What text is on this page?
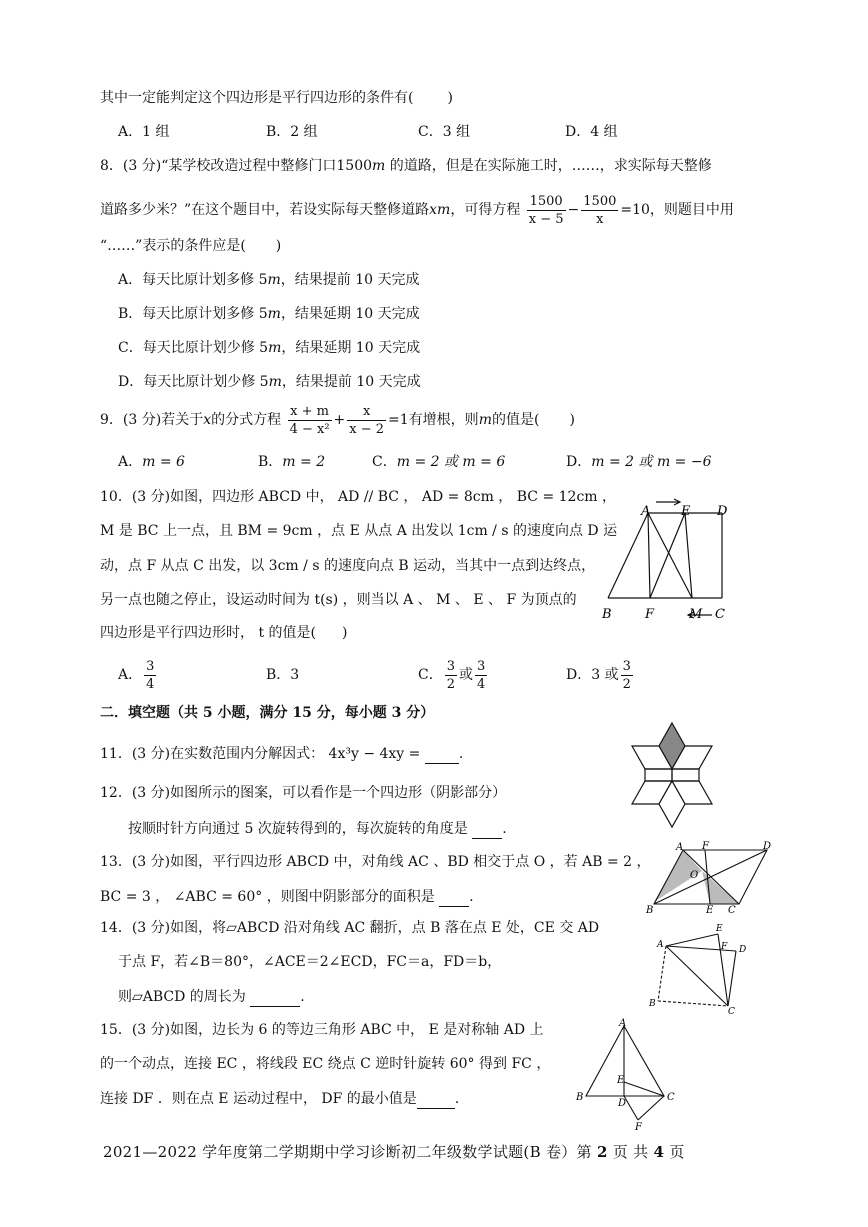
其中一定能判定这个四边形是平行四边形的条件有( )
A．1 组	B．2 组	C．3 组	D．4 组
8．(3 分)“某学校改造过程中整修门口1500m 的道路，但是在实际施工时，……，求实际每天整修
道路多少米？”在这个题目中，若设实际每天整修道路xm，可得方程 $\frac{1500}{x - 5} - \frac{1500}{x} =10$，则题目中用
“……”表示的条件应是( )
A．每天比原计划多修 5m，结果提前 10 天完成
B．每天比原计划多修 5m，结果延期 10 天完成
C．每天比原计划少修 5m，结果延期 10 天完成
D．每天比原计划少修 5m，结果提前 10 天完成
9．(3 分)若关于x的分式方程 $\frac{x + m}{\text{4 − x²}} + \frac{x}{x - 2} =1$有增根，则m的值是( )
A．m = 6	B．m = 2	C．m = 2 或 m = 6	D．m = 2 或 m = −6
10．(3 分)如图，四边形 ABCD 中， AD // BC ， AD = 8cm ， BC = 12cm ，
M 是 BC 上一点，且 BM = 9cm ，点 E 从点 A 出发以 1cm / s 的速度向点 D 运
动，点 F 从点 C 出发，以 3cm / s 的速度向点 B 运动，当其中一点到达终点，
另一点也随之停止，设运动时间为 t(s) ，则当以 A 、 M 、 E 、 F 为顶点的
四边形是平行四边形时， t 的值是( )
A E D
B	F	M C
A． $\frac{3}{4}$	B．3	C． $\frac{3}{2}$ 或 $\frac{3}{4}$	D．3 或 $\frac{3}{2}$
二．填空题（共 5 小题，满分 15 分，每小题 3 分）
11．(3 分)在实数范围内分解因式： 4x³y − 4xy =  .
12．(3 分)如图所示的图案，可以看作是一个四边形（阴影部分）
按顺时针方向通过 5 次旋转得到的，每次旋转的角度是 .
13．(3 分)如图，平行四边形 ABCD 中，对角线 AC 、BD 相交于点 O ，若 AB = 2 ，
BC = 3 ， ∠ABC = 60° ，则图中阴影部分的面积是 .
A F	D
O
B	E C
14．(3 分)如图，将▱ABCD 沿对角线 AC 翻折，点 B 落在点 E 处，CE 交 AD
于点 F，若∠B＝80°，∠ACE＝2∠ECD，FC＝a，FD＝b，
则▱ABCD 的周长为	.
A
E
F D
B
C
15．(3 分)如图，边长为 6 的等边三角形 ABC 中， E 是对称轴 AD 上
的一个动点，连接 EC ，将线段 EC 绕点 C 逆时针旋转 60° 得到 FC ，
连接 DF ．则在点 E 运动过程中， DF 的最小值是	.
A
E
B
D
C
F
2021—2022 学年度第二学期期中学习诊断初二年级数学试题(B 卷）第 2 页 共 4 页
